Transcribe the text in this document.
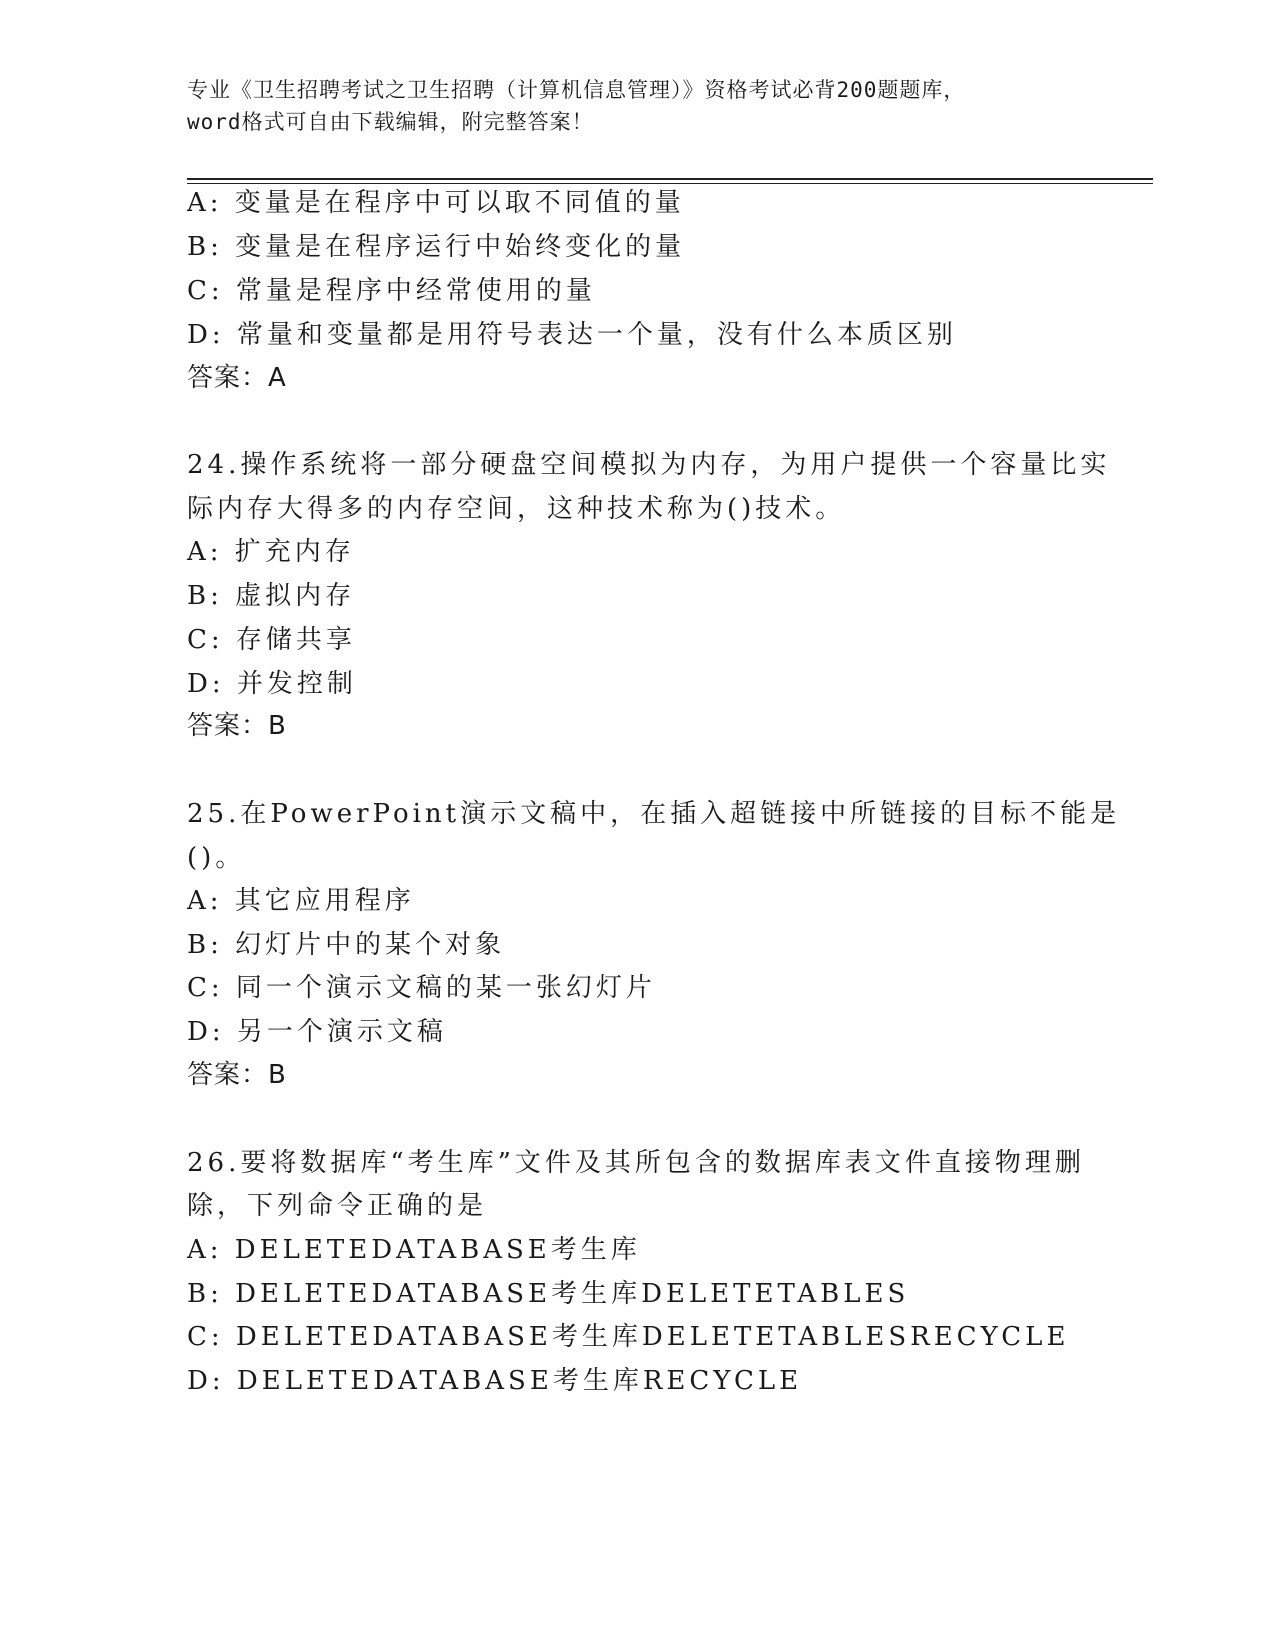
专业《卫生招聘考试之卫生招聘（计算机信息管理）》资格考试必背200题题库，
word格式可自由下载编辑，附完整答案！
A: 变量是在程序中可以取不同值的量
B: 变量是在程序运行中始终变化的量
C: 常量是程序中经常使用的量
D: 常量和变量都是用符号表达一个量，没有什么本质区别
答案：A
24.操作系统将一部分硬盘空间模拟为内存，为用户提供一个容量比实
际内存大得多的内存空间，这种技术称为()技术。
A: 扩充内存
B: 虚拟内存
C: 存储共享
D: 并发控制
答案：B
25.在PowerPoint演示文稿中，在插入超链接中所链接的目标不能是
()。
A: 其它应用程序
B: 幻灯片中的某个对象
C: 同一个演示文稿的某一张幻灯片
D: 另一个演示文稿
答案：B
26.要将数据库“考生库”文件及其所包含的数据库表文件直接物理删
除，下列命令正确的是
A: DELETEDATABASE考生库
B: DELETEDATABASE考生库DELETETABLES
C: DELETEDATABASE考生库DELETETABLESRECYCLE
D: DELETEDATABASE考生库RECYCLE
